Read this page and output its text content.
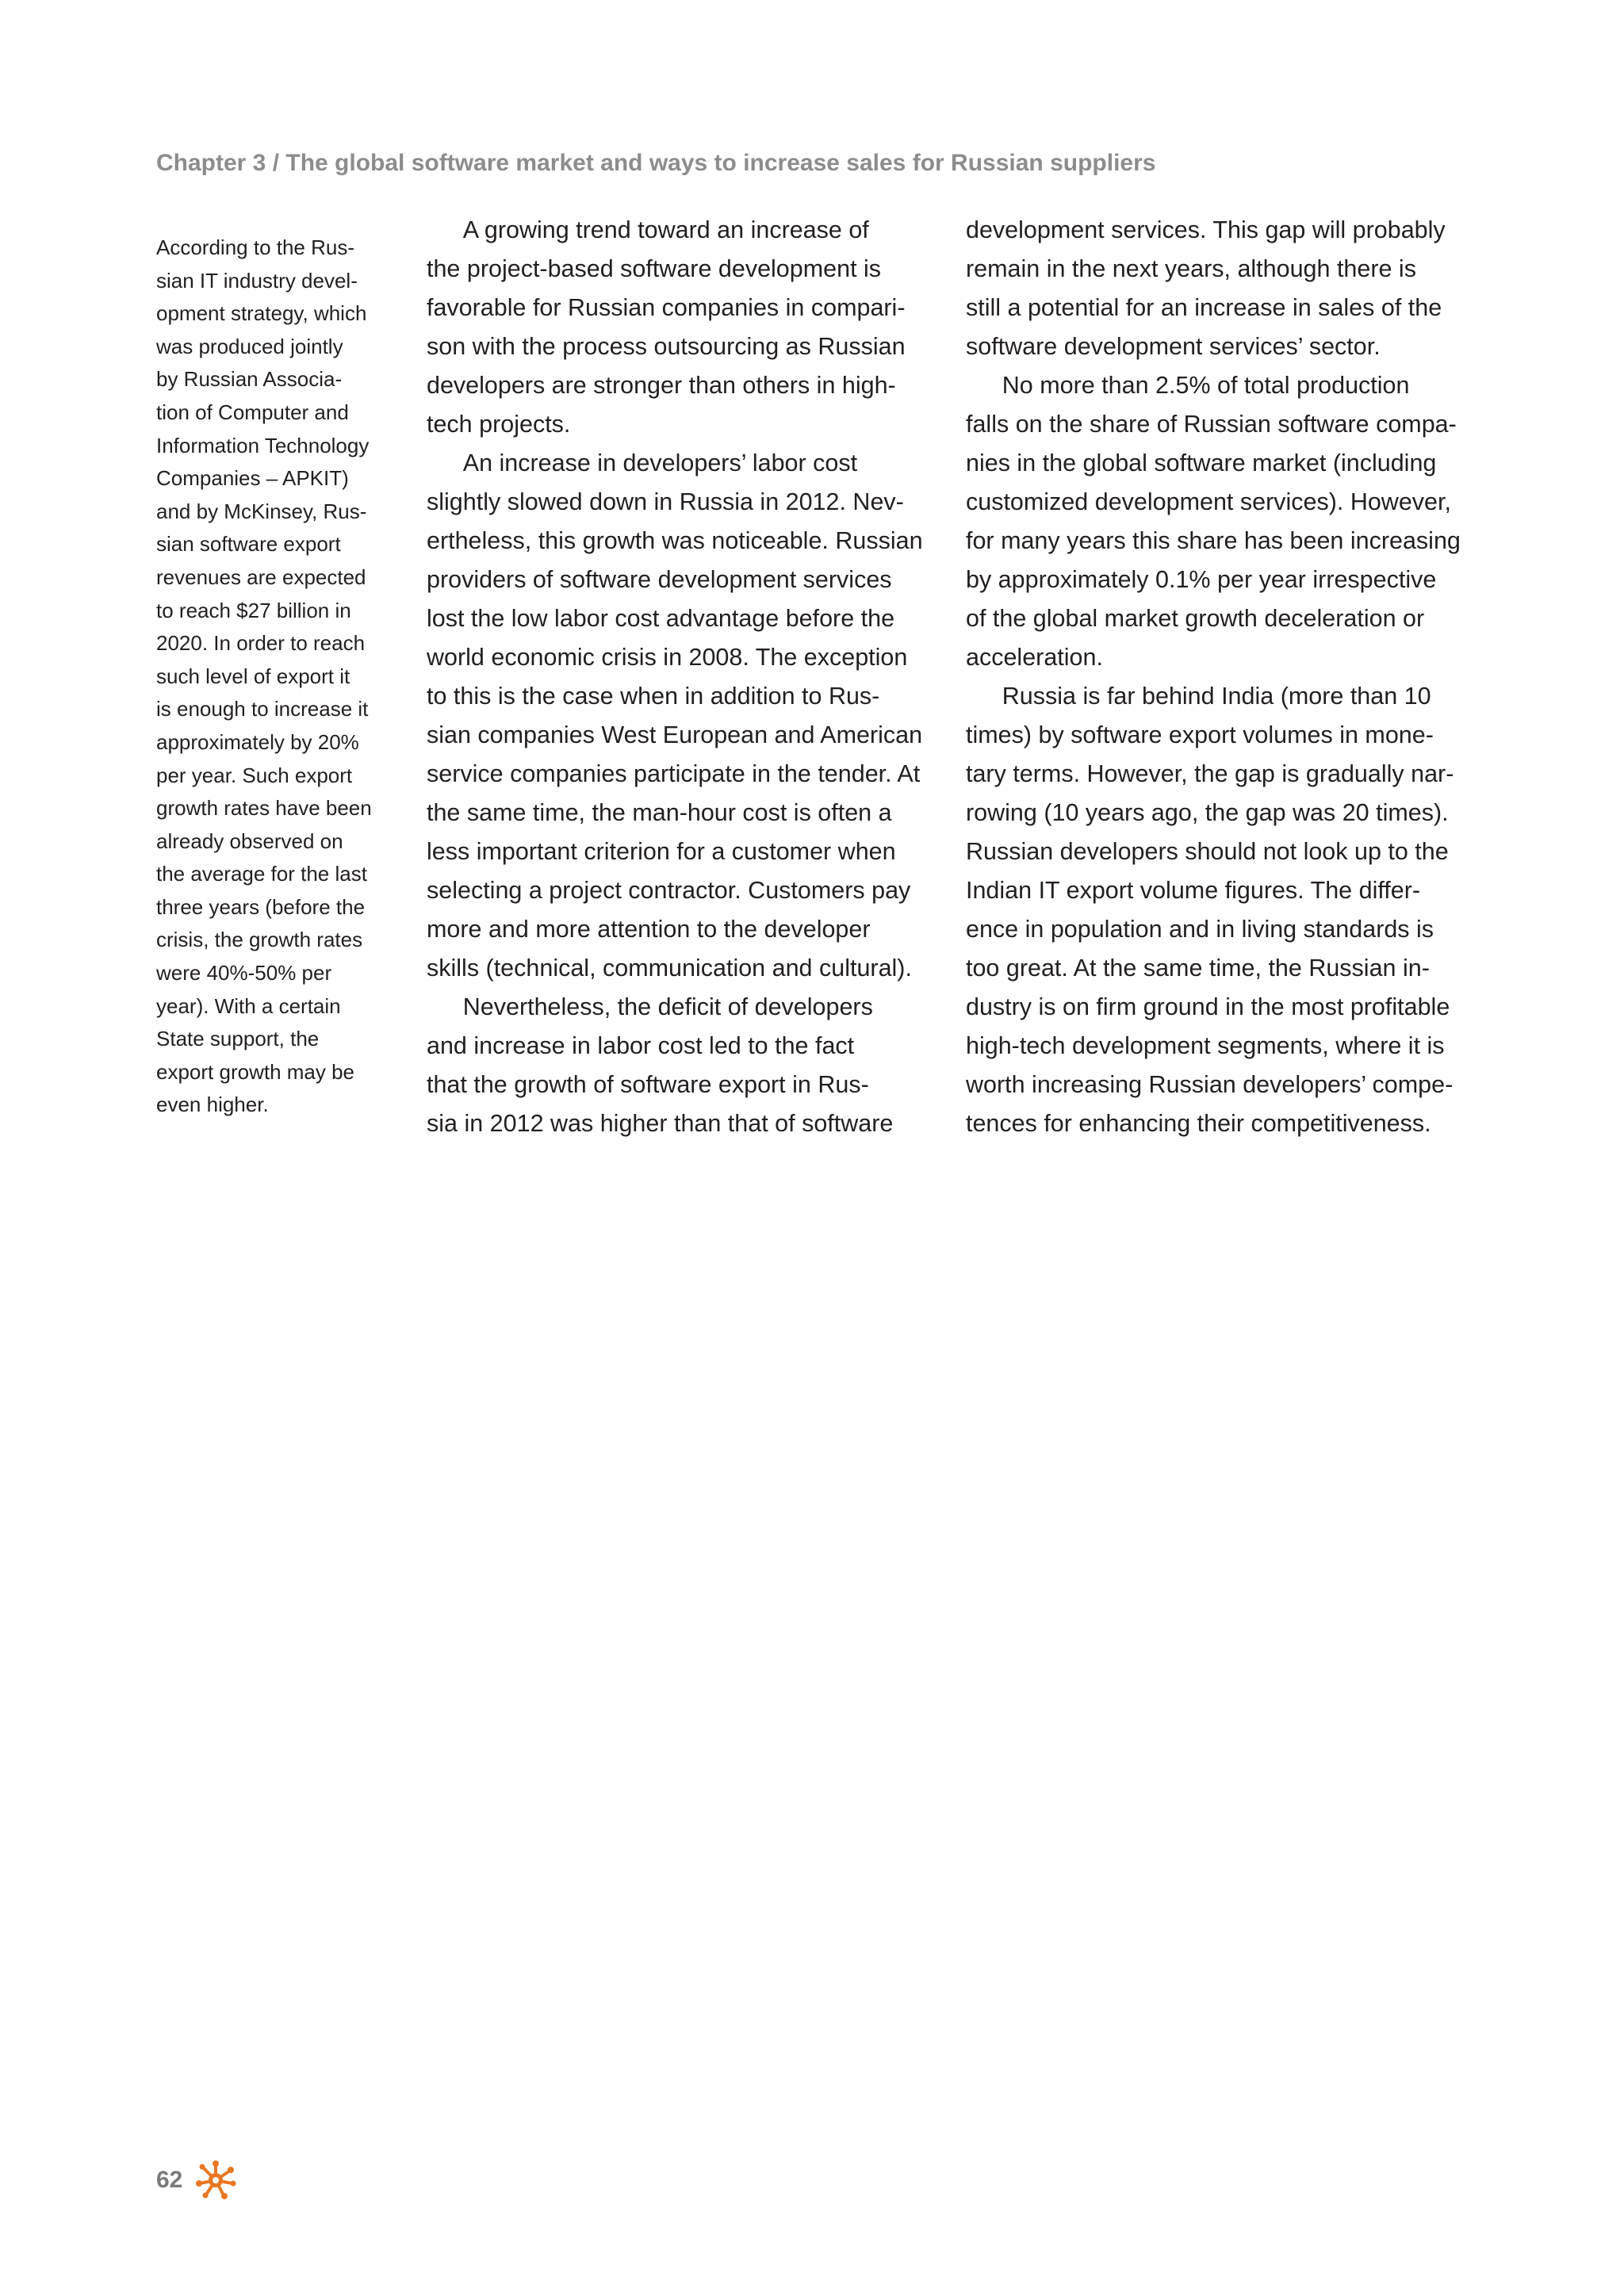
Chapter 3 / The global software market and ways to increase sales for Russian suppliers

According to the Rus-
sian IT industry devel-
opment strategy, which
was produced jointly
by Russian Associa-
tion of Computer and
Information Technology
Companies – APKIT)
and by McKinsey, Rus-
sian software export
revenues are expected
to reach $27 billion in
2020. In order to reach
such level of export it
is enough to increase it
approximately by 20%
per year. Such export
growth rates have been
already observed on
the average for the last
three years (before the
crisis, the growth rates
were 40%-50% per
year). With a certain
State support, the
export growth may be
even higher.

  A growing trend toward an increase of
the project-based software development is
favorable for Russian companies in compari-
son with the process outsourcing as Russian
developers are stronger than others in high-
tech projects.

  An increase in developers’ labor cost
slightly slowed down in Russia in 2012. Nev-
ertheless, this growth was noticeable. Russian
providers of software development services
lost the low labor cost advantage before the
world economic crisis in 2008. The exception
to this is the case when in addition to Rus-
sian companies West European and American
service companies participate in the tender. At
the same time, the man-hour cost is often a
less important criterion for a customer when
selecting a project contractor. Customers pay
more and more attention to the developer
skills (technical, communication and cultural).

  Nevertheless, the deficit of developers
and increase in labor cost led to the fact
that the growth of software export in Rus-
sia in 2012 was higher than that of software

development services. This gap will probably
remain in the next years, although there is
still a potential for an increase in sales of the
software development services’ sector.

  No more than 2.5% of total production
falls on the share of Russian software compa-
nies in the global software market (including
customized development services). However,
for many years this share has been increasing
by approximately 0.1% per year irrespective
of the global market growth deceleration or
acceleration.

  Russia is far behind India (more than 10
times) by software export volumes in mone-
tary terms. However, the gap is gradually nar-
rowing (10 years ago, the gap was 20 times).
Russian developers should not look up to the
Indian IT export volume figures. The differ-
ence in population and in living standards is
too great. At the same time, the Russian in-
dustry is on firm ground in the most profitable
high-tech development segments, where it is
worth increasing Russian developers’ compe-
tences for enhancing their competitiveness.

62
